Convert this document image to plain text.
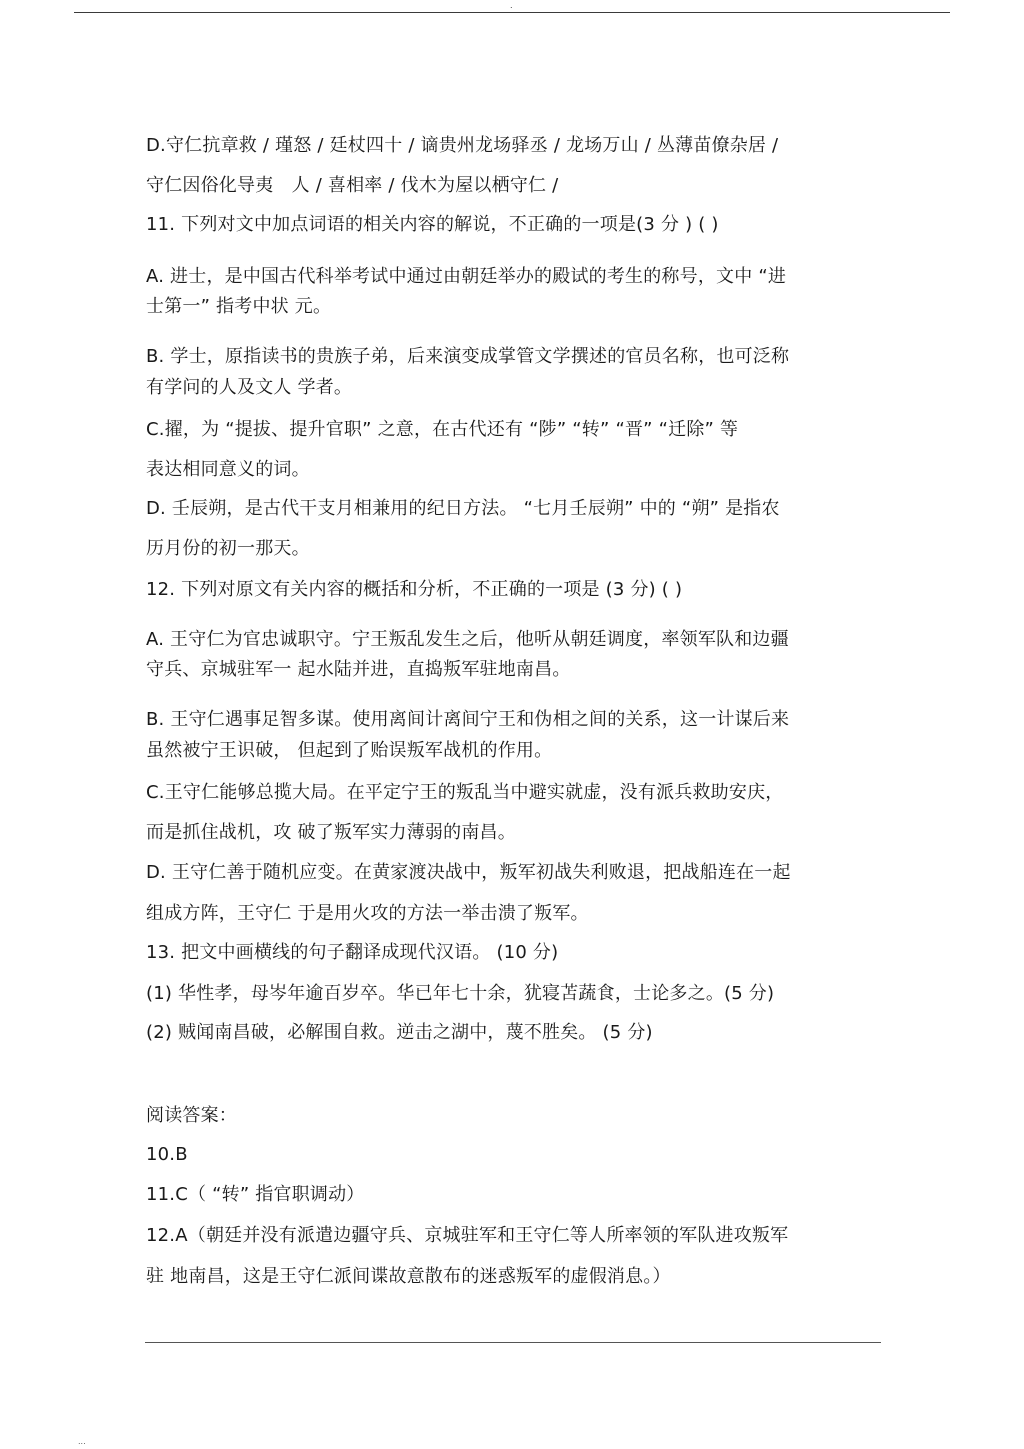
.
D.守仁抗章救 / 瑾怒 / 廷杖四十 / 谪贵州龙场驿丞 / 龙场万山 / 丛薄苗僚杂居 /
守仁因俗化导夷　人 / 喜相率 / 伐木为屋以栖守仁 /
11. 下列对文中加点词语的相关内容的解说，不正确的一项是(3 分 ) ( )
A. 进士，是中国古代科举考试中通过由朝廷举办的殿试的考生的称号，文中 “进
士第一” 指考中状 元。
B. 学士，原指读书的贵族子弟，后来演变成掌管文学撰述的官员名称，也可泛称
有学问的人及文人 学者。
C.擢，为 “提拔、提升官职” 之意，在古代还有 “陟” “转” “晋” “迁除” 等
表达相同意义的词。
D. 壬辰朔，是古代干支月相兼用的纪日方法。 “七月壬辰朔” 中的 “朔” 是指农
历月份的初一那天。
12. 下列对原文有关内容的概括和分析，不正确的一项是 (3 分) ( )
A. 王守仁为官忠诚职守。宁王叛乱发生之后，他听从朝廷调度，率领军队和边疆
守兵、京城驻军一 起水陆并进，直捣叛军驻地南昌。
B. 王守仁遇事足智多谋。使用离间计离间宁王和伪相之间的关系，这一计谋后来
虽然被宁王识破， 但起到了贻误叛军战机的作用。
C.王守仁能够总揽大局。在平定宁王的叛乱当中避实就虚，没有派兵救助安庆，
而是抓住战机，攻 破了叛军实力薄弱的南昌。
D. 王守仁善于随机应变。在黄家渡决战中，叛军初战失利败退，把战船连在一起
组成方阵，王守仁 于是用火攻的方法一举击溃了叛军。
13. 把文中画横线的句子翻译成现代汉语。 (10 分)
(1) 华性孝，母岑年逾百岁卒。华已年七十余，犹寝苫蔬食，士论多之。(5 分)
(2) 贼闻南昌破，必解围自救。逆击之湖中，蔑不胜矣。 (5 分)
阅读答案：
10.B
11.C（ “转” 指官职调动）
12.A（朝廷并没有派遣边疆守兵、京城驻军和王守仁等人所率领的军队进攻叛军
驻 地南昌，这是王守仁派间谍故意散布的迷惑叛军的虚假消息。）
...
